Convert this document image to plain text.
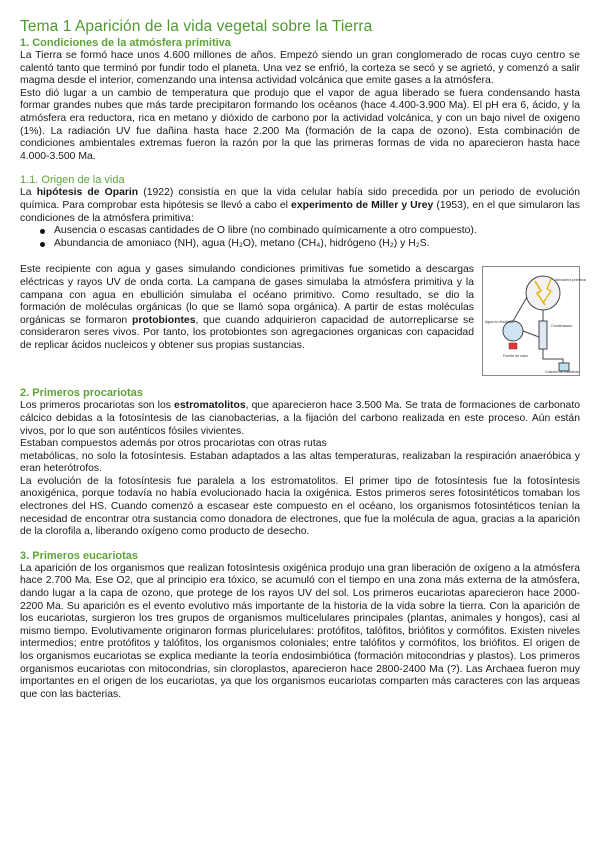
Tema 1 Aparición de la vida vegetal sobre la Tierra
1. Condiciones de la atmósfera primitiva

La Tierra se formó hace unos 4.600 millones de años. Empezó siendo un gran conglomerado de rocas cuyo centro se calentó tanto que terminó por fundir todo el planeta. Una vez se enfrió, la corteza se secó y se agrietó, y comenzó a salir magma desde el interior, comenzando una intensa actividad volcánica que emite gases a la atmósfera.

Esto dió lugar a un cambio de temperatura que produjo que el vapor de agua liberado se fuera condensando hasta formar grandes nubes que más tarde precipitaron formando los océanos (hace 4.400-3.900 Ma). El pH era 6, ácido, y la atmósfera era reductora, rica en metano y dióxido de carbono por la actividad volcánica, y con un bajo nivel de oxigeno (1%). La radiación UV fue dañina hasta hace 2.200 Ma (formación de la capa de ozono). Esta combinación de condiciones ambientales extremas fueron la razón por la que las primeras formas de vida no aparecieron hasta hace 4.000-3.500 Ma.

1.1. Origen de la vida

La hipótesis de Oparin (1922) consistía en que la vida celular había sido precedida por un periodo de evolución química. Para comprobar esta hipótesis se llevó a cabo el experimento de Miller y Urey (1953), en el que simularon las condiciones de la atmósfera primitiva:

Ausencia o escasas cantidades de O libre (no combinado químicamente a otro compuesto).
Abundancia de amoniaco (NH), agua (H₂O), metano (CH₄), hidrógeno (H₂) y H₂S.
Atmósfera primitiva
Condensador
Agua en ebullición
Fuente de calor
Colector de muestras

Este recipiente con agua y gases simulando condiciones primitivas fue sometido a descargas eléctricas y rayos UV de onda corta. La campana de gases simulaba la atmósfera primitiva y la campana con agua en ebullición simulaba el océano primitivo. Como resultado, se dio la formación de moléculas orgánicas (lo que se llamó sopa orgánica). A partir de estas moléculas orgánicas se formaron protobiontes, que cuando adquirieron capacidad de autorreplicarse se consideraron seres vivos. Por tanto, los protobiontes son agregaciones organicas con capacidad de replicar ácidos nucleicos y obtener sus propias sustancias.

2. Primeros procariotas

Los primeros procariotas son los estromatolitos, que aparecieron hace 3.500 Ma. Se trata de formaciones de carbonato cálcico debidas a la fotosíntesis de las cianobacterias, a la fijación del carbono realizada en este proceso. Aún están vivos, por lo que son auténticos fósiles vivientes.

Estaban compuestos además por otros procariotas con otras rutas

metabólicas, no solo la fotosíntesis. Estaban adaptados a las altas temperaturas, realizaban la respiración anaeróbica y eran heterótrofos.

La evolución de la fotosíntesis fue paralela a los estromatolitos. El primer tipo de fotosíntesis fue la fotosíntesis anoxigénica, porque todavía no había evolucionado hacia la oxigénica. Estos primeros seres fotosintéticos tomaban los electrones del HS. Cuando comenzó a escasear este compuesto en el océano, los organismos fotosintéticos tenían la necesidad de encontrar otra sustancia como donadora de electrones, que fue la molécula de agua, gracias a la aparición de la clorofila a, liberando oxígeno como producto de desecho.

3. Primeros eucariotas

La aparición de los organismos que realizan fotosíntesis oxigénica produjo una gran liberación de oxígeno a la atmósfera hace 2.700 Ma. Ese O2, que al principio era tóxico, se acumuló con el tiempo en una zona más externa de la atmósfera, dando lugar a la capa de ozono, que protege de los rayos UV del sol. Los primeros eucariotas aparecieron hace 2000-2200 Ma. Su aparición es el evento evolutivo más importante de la historia de la vida sobre la tierra. Con la aparición de los eucariotas, surgieron los tres grupos de organismos multicelulares principales (plantas, animales y hongos), casi al mismo tiempo. Evolutivamente originaron formas pluricelulares: protófitos, talófitos, briófitos y cormófitos. Existen niveles intermedios; entre protófitos y talófitos, los organismos coloniales; entre talófitos y cormófitos, los briófitos. El origen de los organismos eucariotas se explica mediante la teoría endosimbiótica (formación mitocondrias y plastos). Los primeros organismos eucariotas con mitocondrias, sin cloroplastos, aparecieron hace 2800-2400 Ma (?). Las Archaea fueron muy importantes en el origen de los eucariotas, ya que los organismos eucariotas comparten más caracteres con las arqueas que con las bacterias.
